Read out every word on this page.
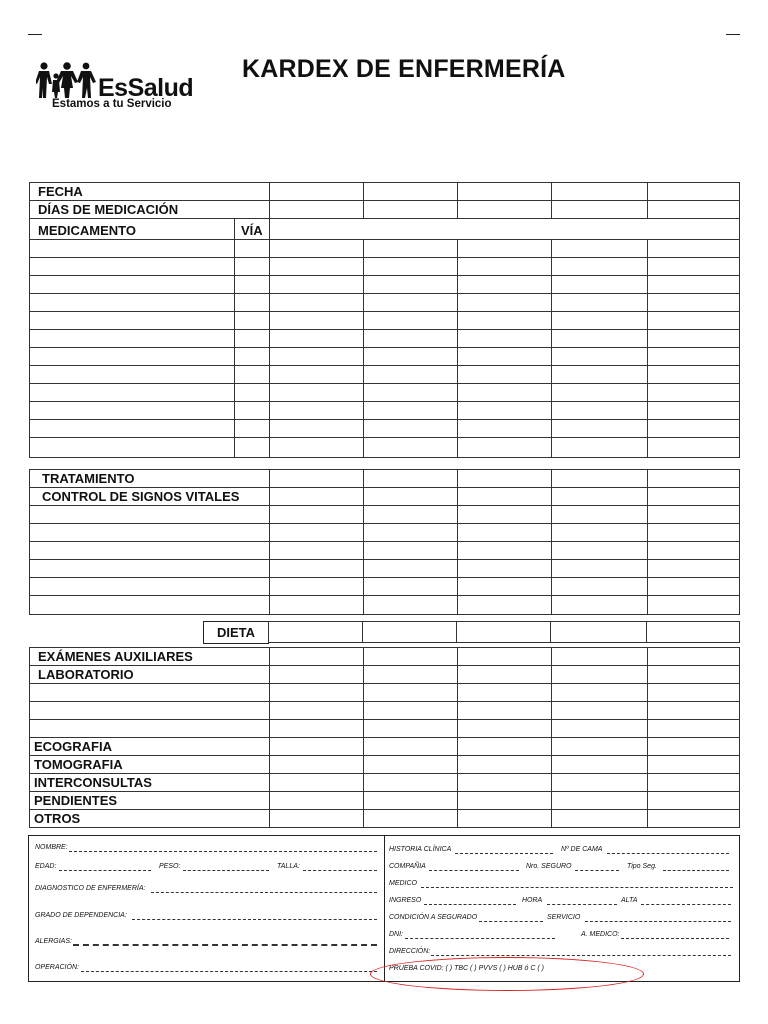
EsSalud
Estamos a tu Servicio
KARDEX DE ENFERMERÍA
FECHA						
DÍAS DE MEDICACIÓN						
MEDICAMENTO	VÍA					

TRATAMIENTO					
CONTROL DE SIGNOS VITALES					

DIETA

EXÁMENES AUXILIARES					
LABORATORIO					

ECOGRAFIA					
TOMOGRAFIA					
INTERCONSULTAS					
PENDIENTES					
OTROS					
NOMBRE:
EDAD:	PESO:	TALLA:
DIAGNOSTICO DE ENFERMERÍA:
GRADO DE DEPENDENCIA:
ALERGIAS:
OPERACIÓN:
HISTORIA CLÍNICA	Nº DE CAMA
COMPAÑIA	Nro. SEGURO	Tipo Seg.
MEDICO
INGRESO	HORA	ALTA
CONDICIÓN A SEGURADO	SERVICIO
DNI:	A. MEDICO:
DIRECCIÓN:
PRUEBA COVID: ( ) TBC ( ) PVVS ( ) HUB ó C ( )
